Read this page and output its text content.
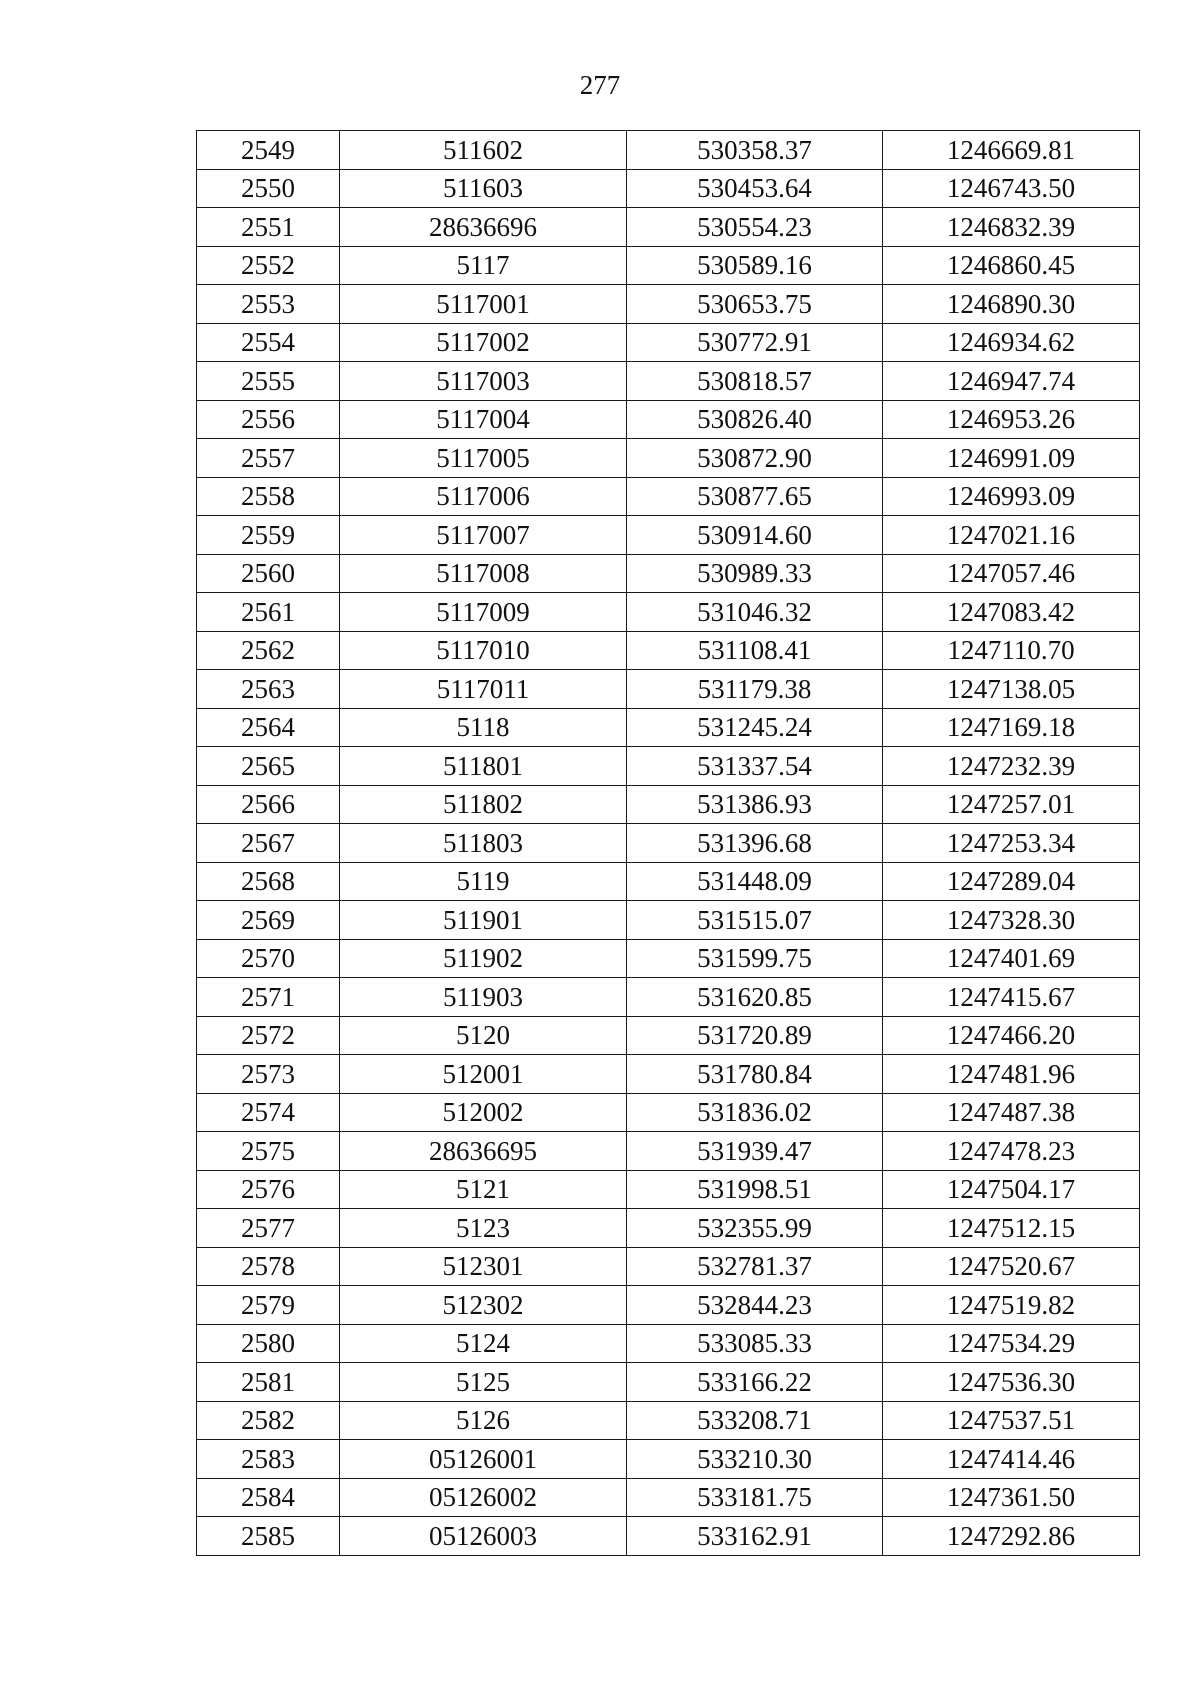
277
2549	511602	530358.37	1246669.81
2550	511603	530453.64	1246743.50
2551	28636696	530554.23	1246832.39
2552	5117	530589.16	1246860.45
2553	5117001	530653.75	1246890.30
2554	5117002	530772.91	1246934.62
2555	5117003	530818.57	1246947.74
2556	5117004	530826.40	1246953.26
2557	5117005	530872.90	1246991.09
2558	5117006	530877.65	1246993.09
2559	5117007	530914.60	1247021.16
2560	5117008	530989.33	1247057.46
2561	5117009	531046.32	1247083.42
2562	5117010	531108.41	1247110.70
2563	5117011	531179.38	1247138.05
2564	5118	531245.24	1247169.18
2565	511801	531337.54	1247232.39
2566	511802	531386.93	1247257.01
2567	511803	531396.68	1247253.34
2568	5119	531448.09	1247289.04
2569	511901	531515.07	1247328.30
2570	511902	531599.75	1247401.69
2571	511903	531620.85	1247415.67
2572	5120	531720.89	1247466.20
2573	512001	531780.84	1247481.96
2574	512002	531836.02	1247487.38
2575	28636695	531939.47	1247478.23
2576	5121	531998.51	1247504.17
2577	5123	532355.99	1247512.15
2578	512301	532781.37	1247520.67
2579	512302	532844.23	1247519.82
2580	5124	533085.33	1247534.29
2581	5125	533166.22	1247536.30
2582	5126	533208.71	1247537.51
2583	05126001	533210.30	1247414.46
2584	05126002	533181.75	1247361.50
2585	05126003	533162.91	1247292.86
